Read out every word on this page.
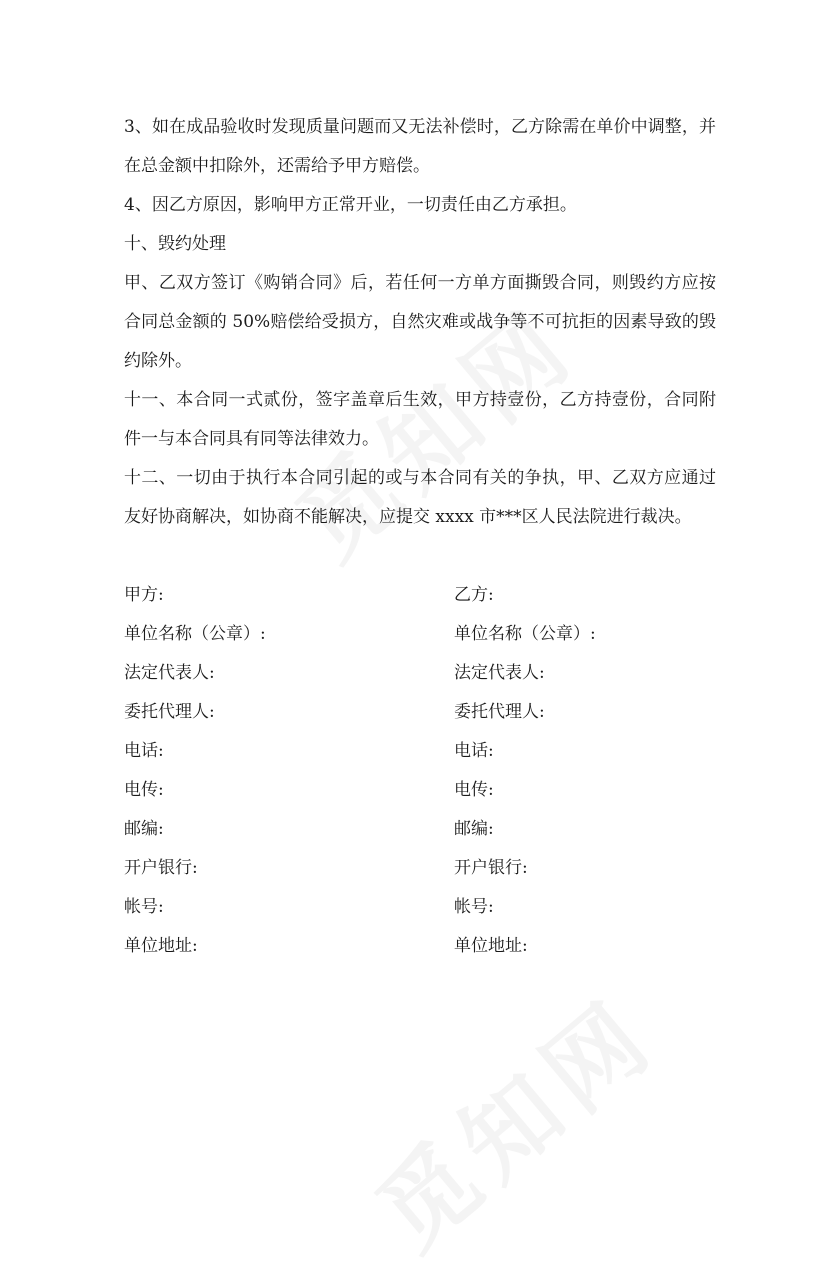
3、如在成品验收时发现质量问题而又无法补偿时，乙方除需在单价中调整，并在总金额中扣除外，还需给予甲方赔偿。

4、因乙方原因，影响甲方正常开业，一切责任由乙方承担。

十、毁约处理

甲、乙双方签订《购销合同》后，若任何一方单方面撕毁合同，则毁约方应按合同总金额的 50%赔偿给受损方，自然灾难或战争等不可抗拒的因素导致的毁约除外。

十一、本合同一式贰份，签字盖章后生效，甲方持壹份，乙方持壹份，合同附件一与本合同具有同等法律效力。

十二、一切由于执行本合同引起的或与本合同有关的争执，甲、乙双方应通过友好协商解决，如协商不能解决，应提交 xxxx 市***区人民法院进行裁决。

甲方:	乙方:
单位名称（公章）:	单位名称（公章）:
法定代表人:	法定代表人:
委托代理人:	委托代理人:
电话:	电话:
电传:	电传:
邮编:	邮编:
开户银行:	开户银行:
帐号:	帐号:
单位地址:	单位地址:
